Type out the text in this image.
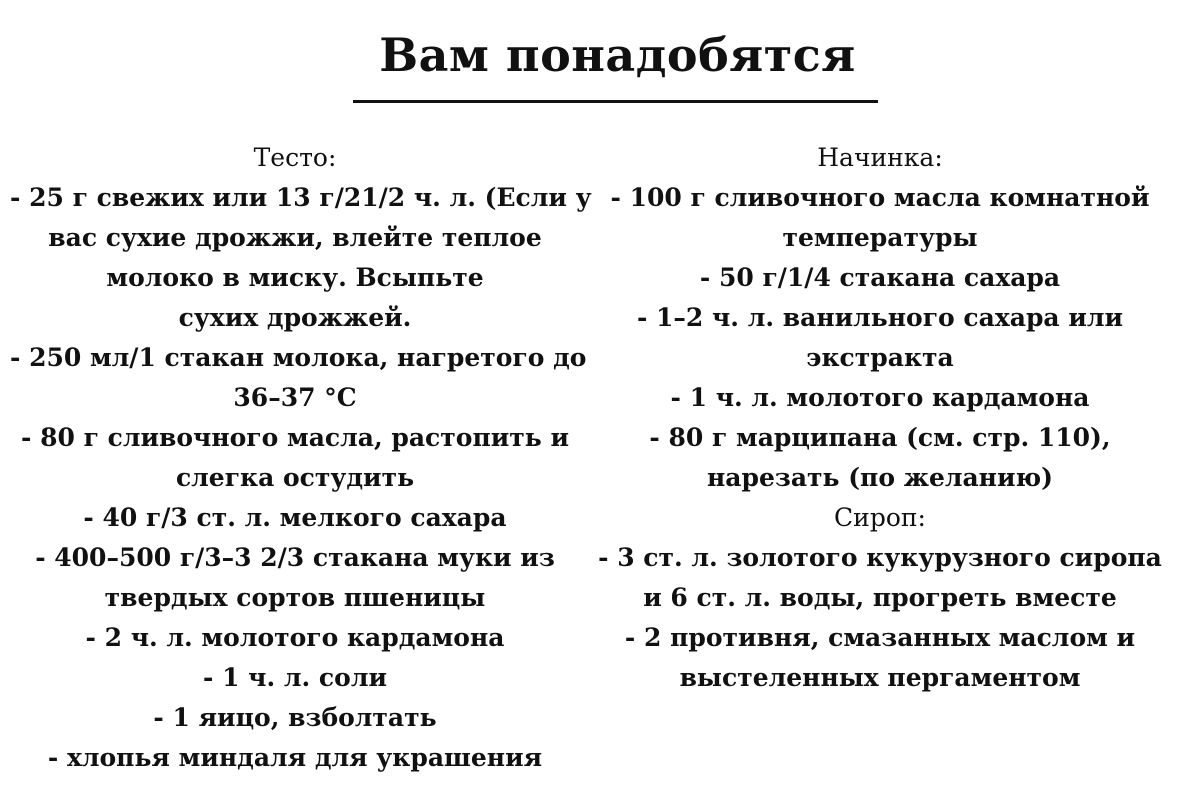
Вам понадобятся
Тесто:
- 25 г свежих или 13 г/21/2 ч. л. (Если у
вас сухие дрожжи, влейте теплое
молоко в миску. Всыпьте
сухих дрожжей.
- 250 мл/1 стакан молока, нагретого до
36–37 °C
- 80 г сливочного масла, растопить и
слегка остудить
- 40 г/3 ст. л. мелкого сахара
- 400–500 г/3–3 2/3 стакана муки из
твердых сортов пшеницы
- 2 ч. л. молотого кардамона
- 1 ч. л. соли
- 1 яицо, взболтать
- хлопья миндаля для украшения
Начинка:
- 100 г сливочного масла комнатной
температуры
- 50 г/1/4 стакана сахара
- 1–2 ч. л. ванильного сахара или
экстракта
- 1 ч. л. молотого кардамона
- 80 г марципана (см. стр. 110),
нарезать (по желанию)
Сироп:
- 3 ст. л. золотого кукурузного сиропа
и 6 ст. л. воды, прогреть вместе
- 2 противня, смазанных маслом и
выстеленных пергаментом
